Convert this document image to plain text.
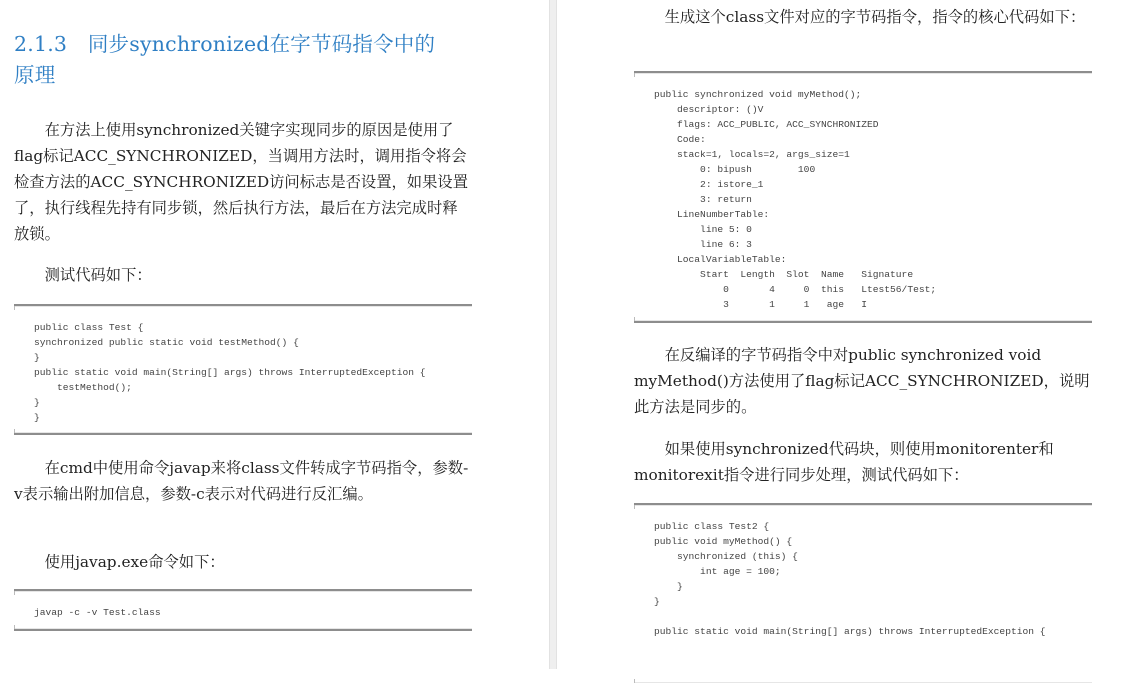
2.1.3　同步synchronized在字节码指令中的
原理

在方法上使用synchronized关键字实现同步的原因是使用了flag标记ACC_SYNCHRONIZED，当调用方法时，调用指令将会检查方法的ACC_SYNCHRONIZED访问标志是否设置，如果设置了，执行线程先持有同步锁，然后执行方法，最后在方法完成时释放锁。

测试代码如下：

public class Test {
synchronized public static void testMethod() {
}
public static void main(String[] args) throws InterruptedException {
testMethod();
}
}

在cmd中使用命令javap来将class文件转成字节码指令，参数-v表示输出附加信息，参数-c表示对代码进行反汇编。

使用javap.exe命令如下：

javap -c -v Test.class

生成这个class文件对应的字节码指令，指令的核心代码如下：

public synchronized void myMethod();
descriptor: ()V
flags: ACC_PUBLIC, ACC_SYNCHRONIZED
Code:
stack=1, locals=2, args_size=1
0: bipush        100
2: istore_1
3: return
LineNumberTable:
line 5: 0
line 6: 3
LocalVariableTable:
Start  Length  Slot  Name   Signature
0       4     0  this   Ltest56/Test;
3       1     1   age   I

在反编译的字节码指令中对public synchronized void myMethod()方法使用了flag标记ACC_SYNCHRONIZED，说明此方法是同步的。

如果使用synchronized代码块，则使用monitorenter和monitorexit指令进行同步处理，测试代码如下：

public class Test2 {
public void myMethod() {
synchronized (this) {
int age = 100;
}
}
public static void main(String[] args) throws InterruptedException {
